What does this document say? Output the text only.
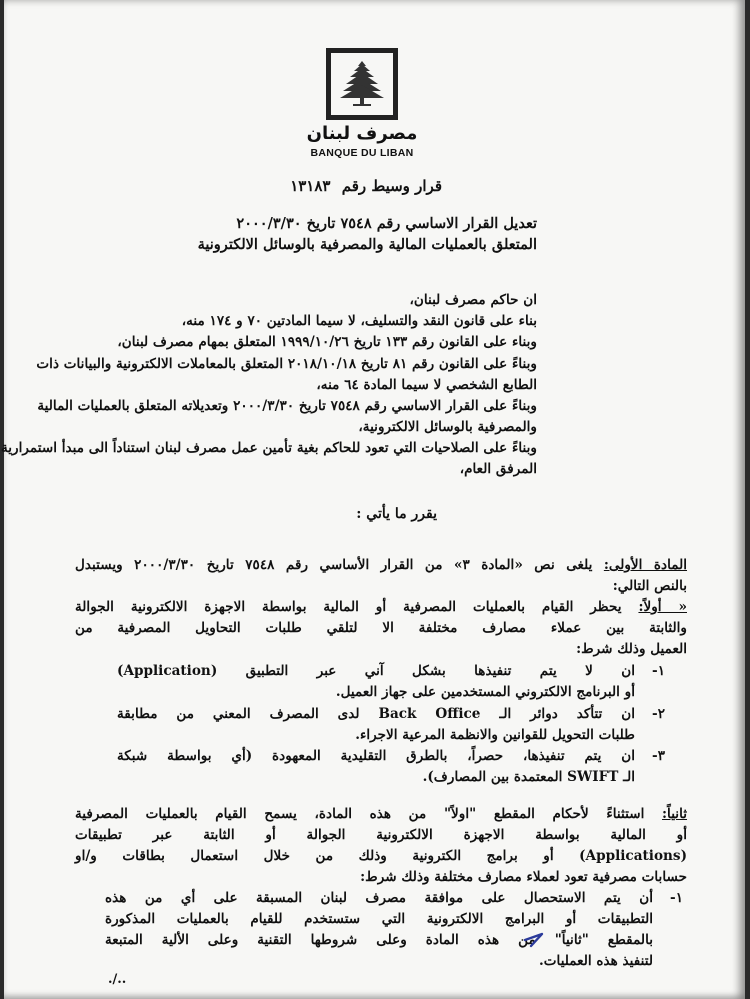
مصرف لبنان
BANQUE DU LIBAN
قرار وسيط رقم ١٣١٨٣
تعديل القرار الاساسي رقم ٧٥٤٨ تاريخ ٢٠٠٠/٣/٣٠
المتعلق بالعمليات المالية والمصرفية بالوسائل الالكترونية
ان حاكم مصرف لبنان،
بناء على قانون النقد والتسليف، لا سيما المادتين ٧٠ و ١٧٤ منه،
وبناء على القانون رقم ١٣٣ تاريخ ١٩٩٩/١٠/٢٦ المتعلق بمهام مصرف لبنان،
وبناءً على القانون رقم ٨١ تاريخ ٢٠١٨/١٠/١٨ المتعلق بالمعاملات الالكترونية والبيانات ذات
الطابع الشخصي لا سيما المادة ٦٤ منه،
وبناءً على القرار الاساسي رقم ٧٥٤٨ تاريخ ٢٠٠٠/٣/٣٠ وتعديلاته المتعلق بالعمليات المالية
والمصرفية بالوسائل الالكترونية،
وبناءً على الصلاحيات التي تعود للحاكم بغية تأمين عمل مصرف لبنان استناداً الى مبدأ استمرارية
المرفق العام،
يقرر ما يأتي :
المادة الأولى: يلغى نص «المادة ٣» من القرار الأساسي رقم ٧٥٤٨ تاريخ ٢٠٠٠/٣/٣٠ ويستبدل
بالنص التالي:
« أولاً: يحظر القيام بالعمليات المصرفية أو المالية بواسطة الاجهزة الالكترونية الجوالة
والثابتة بين عملاء مصارف مختلفة الا لتلقي طلبات التحاويل المصرفية من
العميل وذلك شرط:
١-
ان لا يتم تنفيذها بشكل آني عبر التطبيق (Application)
أو البرنامج الالكتروني المستخدمين على جهاز العميل.
٢-
ان تتأكد دوائر الـ Back Office لدى المصرف المعني من مطابقة
طلبات التحويل للقوانين والانظمة المرعية الاجراء.
٣-
ان يتم تنفيذها، حصراً، بالطرق التقليدية المعهودة (أي بواسطة شبكة
الـ SWIFT المعتمدة بين المصارف).
ثانياً: استثناءً لأحكام المقطع "اولاً" من هذه المادة، يسمح القيام بالعمليات المصرفية
أو المالية بواسطة الاجهزة الالكترونية الجوالة أو الثابتة عبر تطبيقات
(Applications) أو برامج الكترونية وذلك من خلال استعمال بطاقات و/او
حسابات مصرفية تعود لعملاء مصارف مختلفة وذلك شرط:
١-
أن يتم الاستحصال على موافقة مصرف لبنان المسبقة على أي من هذه
التطبيقات أو البرامج الالكترونية التي ستستخدم للقيام بالعمليات المذكورة
بالمقطع "ثانياً" من هذه المادة وعلى شروطها التقنية وعلى الألية المتبعة
لتنفيذ هذه العمليات.
./..
